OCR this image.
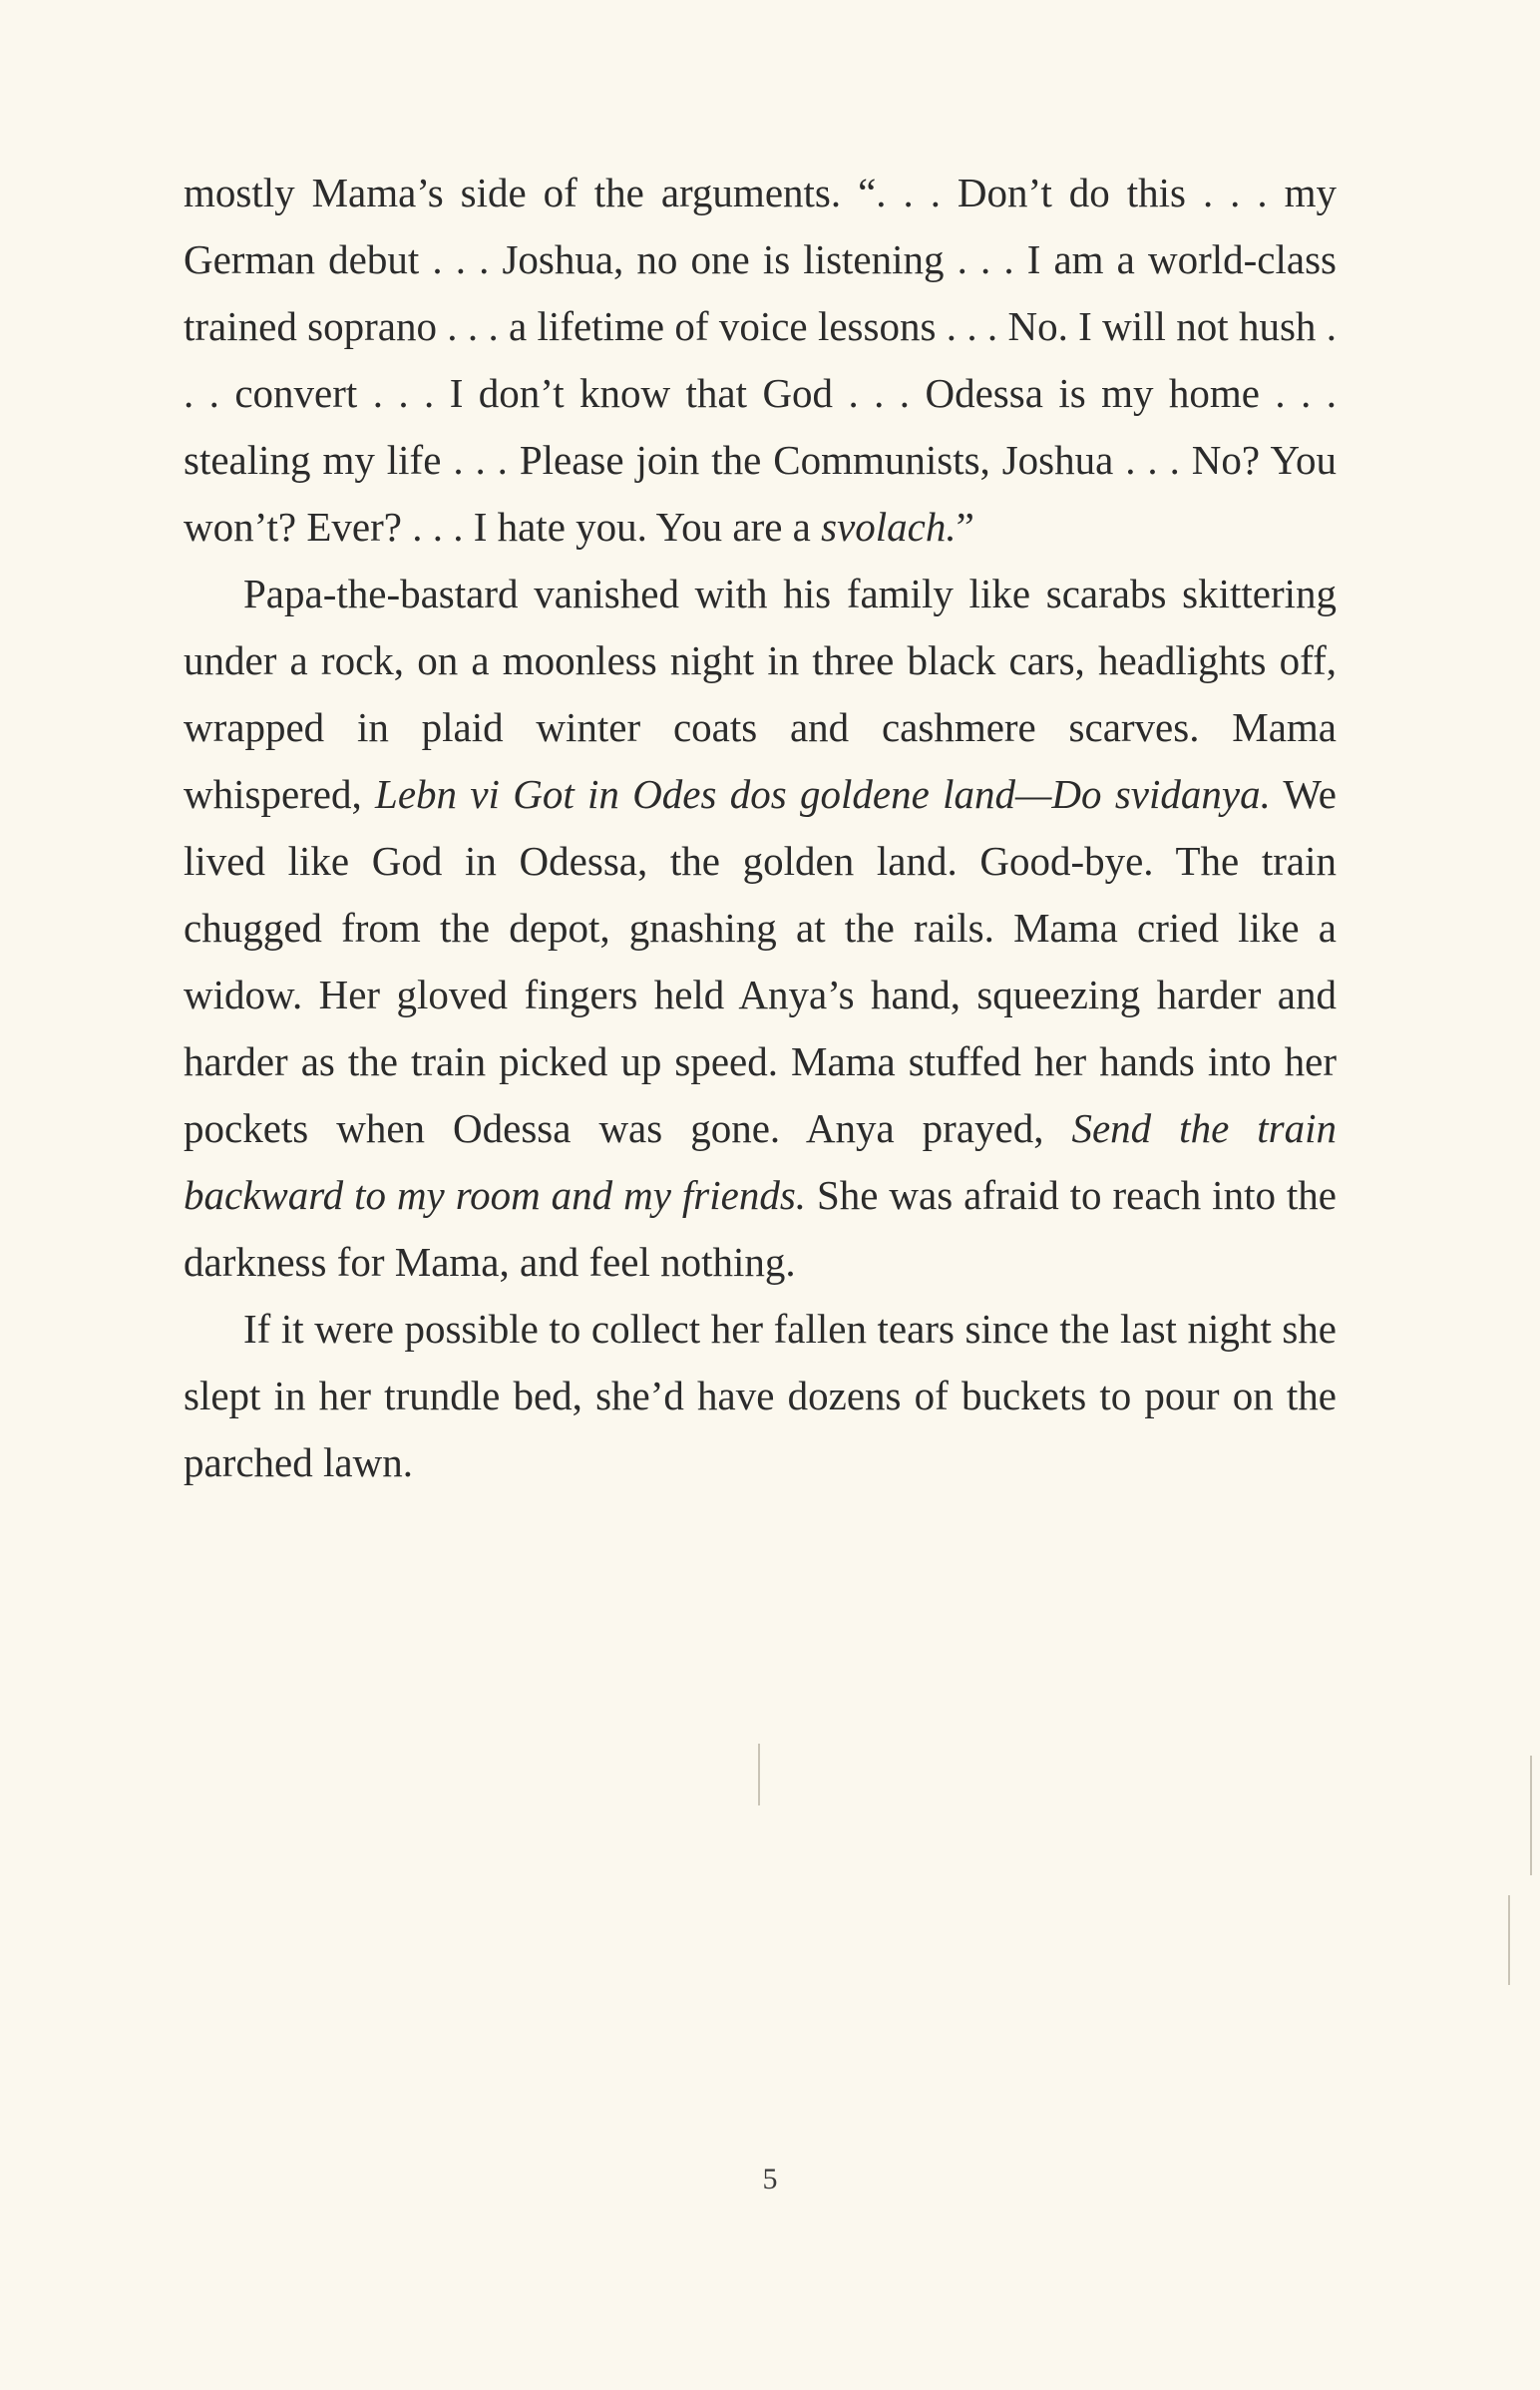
mostly Mama’s side of the arguments. “. . . Don’t do this . . . my German debut . . . Joshua, no one is listening . . . I am a world-class trained soprano . . . a lifetime of voice lessons . . . No. I will not hush . . . convert . . . I don’t know that God . . . Odessa is my home . . . stealing my life . . . Please join the Communists, Joshua . . . No? You won’t? Ever? . . . I hate you. You are a svolach.”

Papa-the-bastard vanished with his family like scarabs skittering under a rock, on a moonless night in three black cars, headlights off, wrapped in plaid winter coats and cashmere scarves. Mama whispered, Lebn vi Got in Odes dos goldene land—Do svidanya. We lived like God in Odessa, the golden land. Good-bye. The train chugged from the depot, gnashing at the rails. Mama cried like a widow. Her gloved fingers held Anya’s hand, squeezing harder and harder as the train picked up speed. Mama stuffed her hands into her pockets when Odessa was gone. Anya prayed, Send the train backward to my room and my friends. She was afraid to reach into the darkness for Mama, and feel nothing.

If it were possible to collect her fallen tears since the last night she slept in her trundle bed, she’d have dozens of buckets to pour on the parched lawn.

5
